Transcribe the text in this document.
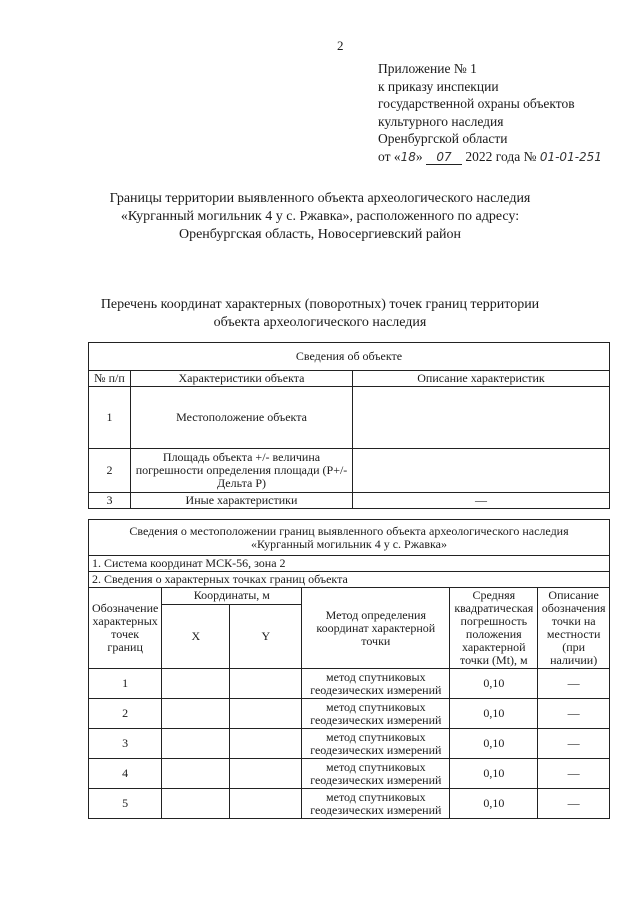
2
Приложение № 1
к приказу инспекции
государственной охраны объектов
культурного наследия
Оренбургской области
от «18» 07 2022 года № 01-01-251
Границы территории выявленного объекта археологического наследия
«Курганный могильник 4 у с. Ржавка», расположенного по адресу:
Оренбургская область, Новосергиевский район
Перечень координат характерных (поворотных) точек границ территории
объекта археологического наследия
Сведения об объекте		
№ п/п	Характеристики объекта	Описание характеристик
1	Местоположение объекта	
2	Площадь объекта +/- величина погрешности определения площади (Р+/- Дельта Р)	
3	Иные характеристики	—
Сведения о местоположении границ выявленного объекта археологического наследия
«Курганный могильник 4 у с. Ржавка»					

1. Система координат МСК-56, зона 2					
2. Сведения о характерных точках границ объекта					
Обозначение характерных точек границ	Координаты, м		Метод определения координат характерной точки	Средняя квадратическая погрешность положения характерной точки (Mt), м	Описание обозначения точки на местности (при наличии)
	X	Y			
1			метод спутниковых геодезических измерений	0,10	—
2			метод спутниковых геодезических измерений	0,10	—
3			метод спутниковых геодезических измерений	0,10	—
4			метод спутниковых геодезических измерений	0,10	—
5			метод спутниковых геодезических измерений	0,10	—
